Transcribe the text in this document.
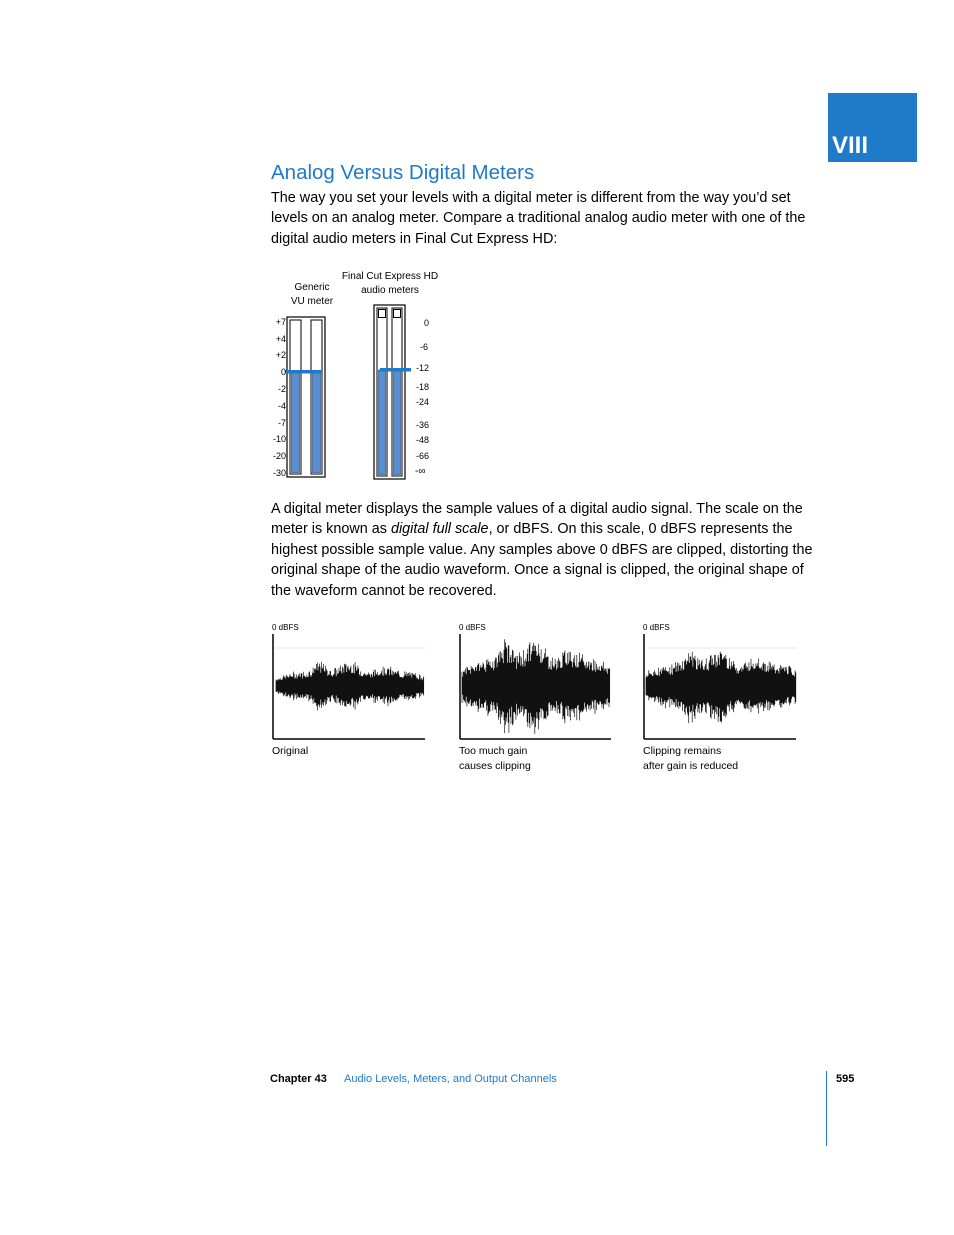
VIII
Analog Versus Digital Meters

The way you set your levels with a digital meter is different from the way you’d set levels on an analog meter. Compare a traditional analog audio meter with one of the digital audio meters in Final Cut Express HD:

Generic
VU meter
Final Cut Express HD
audio meters
+7
+4
+2
0
-2
-4
-7
-10
-20
-30
0
-6
-12
-18
-24
-36
-48
-66
-∞

A digital meter displays the sample values of a digital audio signal. The scale on the meter is known as digital full scale, or dBFS. On this scale, 0 dBFS represents the highest possible sample value. Any samples above 0 dBFS are clipped, distorting the original shape of the audio waveform. Once a signal is clipped, the original shape of the waveform cannot be recovered.

0 dBFS	0 dBFS	0 dBFS
Original	Too much gain
causes clipping
Clipping remains
after gain is reduced
Chapter 43 Audio Levels, Meters, and Output Channels	595
